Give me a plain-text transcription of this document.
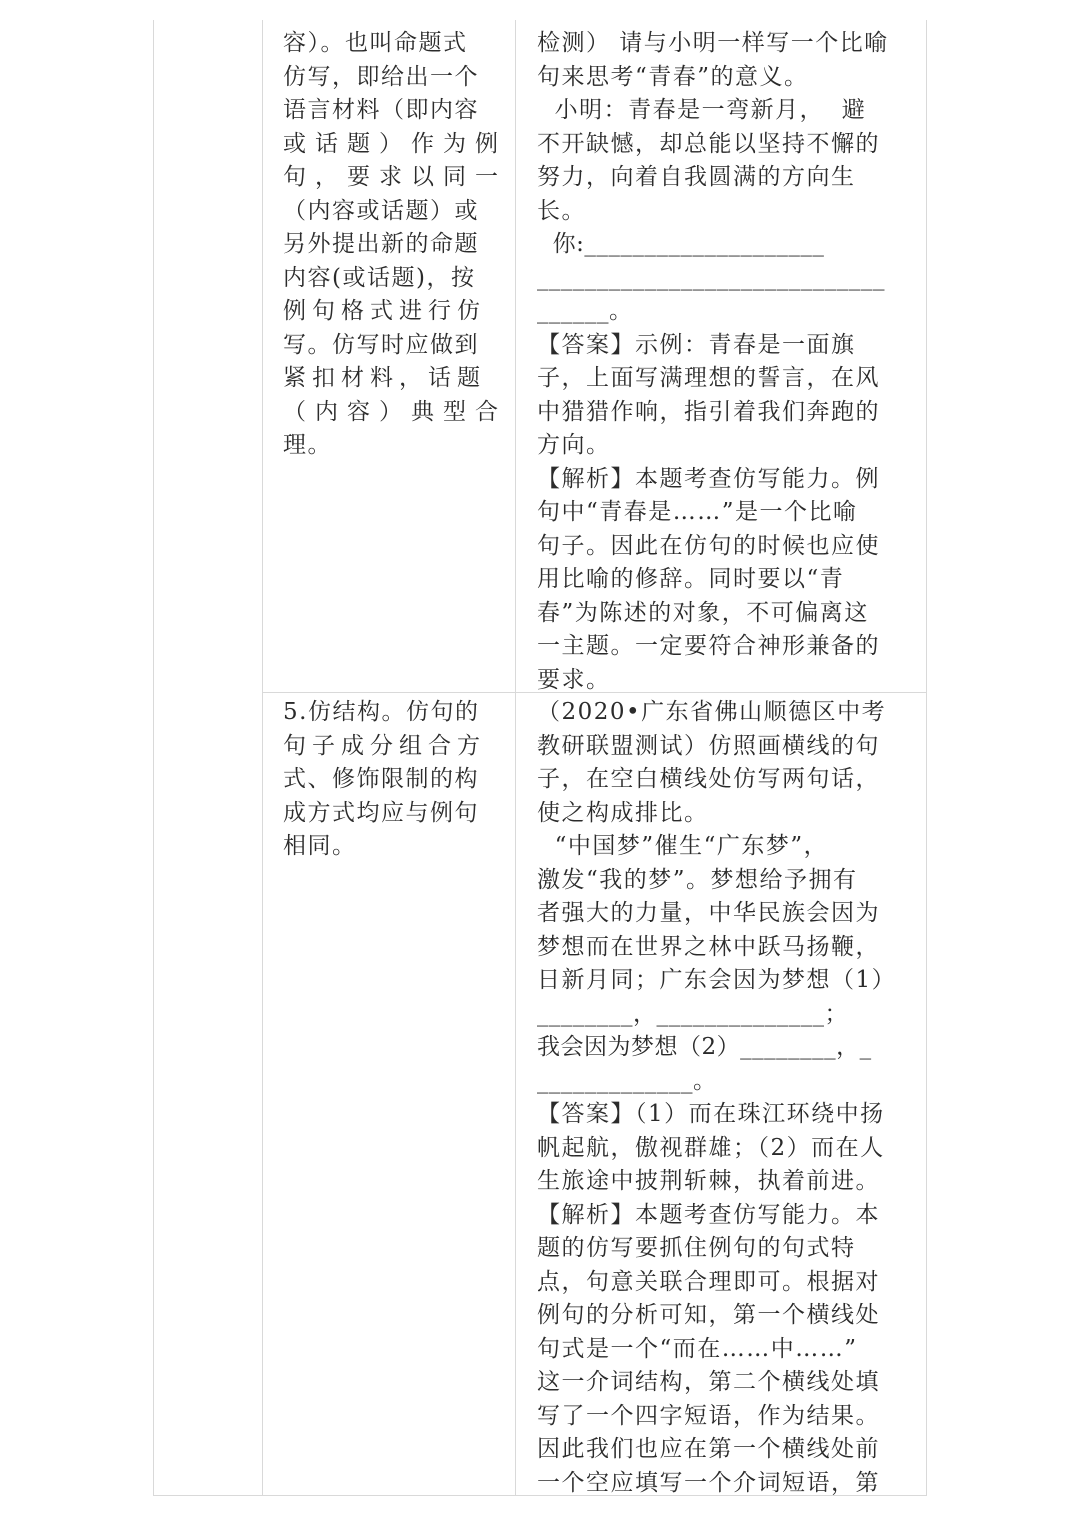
容）。也叫命题式
仿写，即给出一个
语言材料（即内容
或话题）作为例
句，要求以同一
（内容或话题）或
另外提出新的命题
内容(或话题)，按
例句格式进行仿
写。仿写时应做到
紧扣材料，话题
（内容）典型合
理。
检测） 请与小明一样写一个比喻
句来思考“青春”的意义。
小明：青春是一弯新月，  避
不开缺憾，却总能以坚持不懈的
努力，向着自我圆满的方向生
长。
你:____________________
_____________________________
______。
【答案】示例：青春是一面旗
子，上面写满理想的誓言，在风
中猎猎作响，指引着我们奔跑的
方向。
【解析】本题考查仿写能力。例
句中“青春是……”是一个比喻
句子。因此在仿句的时候也应使
用比喻的修辞。同时要以“青
春”为陈述的对象，不可偏离这
一主题。一定要符合神形兼备的
要求。
5.仿结构。仿句的
句子成分组合方
式、修饰限制的构
成方式均应与例句
相同。
（2020•广东省佛山顺德区中考
教研联盟测试）仿照画横线的句
子，在空白横线处仿写两句话，
使之构成排比。
“中国梦”催生“广东梦”，
激发“我的梦”。梦想给予拥有
者强大的力量，中华民族会因为
梦想而在世界之林中跃马扬鞭，
日新月同；广东会因为梦想（1）
________，______________；
我会因为梦想（2）________，_
_____________。
【答案】（1）而在珠江环绕中扬
帆起航，傲视群雄；（2）而在人
生旅途中披荆斩棘，执着前进。
【解析】本题考查仿写能力。本
题的仿写要抓住例句的句式特
点，句意关联合理即可。根据对
例句的分析可知，第一个横线处
句式是一个“而在……中……”
这一介词结构，第二个横线处填
写了一个四字短语，作为结果。
因此我们也应在第一个横线处前
一个空应填写一个介词短语，第
